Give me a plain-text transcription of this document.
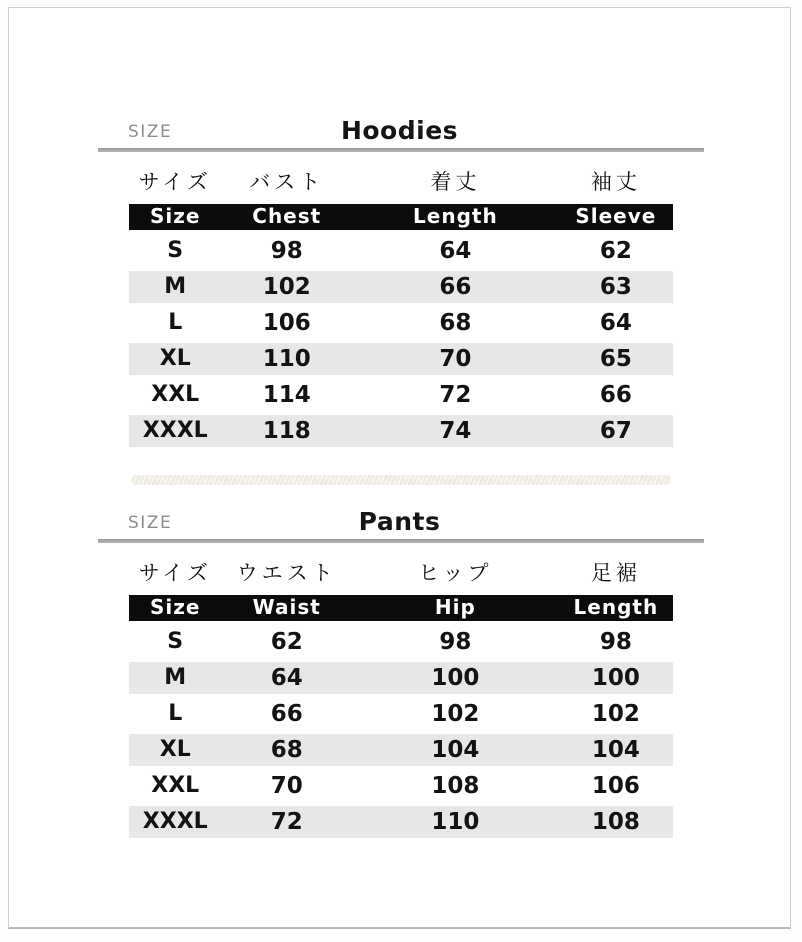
Hoodies
SIZE
サイズ	バスト	着丈	袖丈
Size	Chest	Length	Sleeve
S	98	64	62
M	102	66	63
L	106	68	64
XL	110	70	65
XXL	114	72	66
XXXL	118	74	67
Pants
SIZE
サイズ	ウエスト	ヒップ	足裾
Size	Waist	Hip	Length
S	62	98	98
M	64	100	100
L	66	102	102
XL	68	104	104
XXL	70	108	106
XXXL	72	110	108
